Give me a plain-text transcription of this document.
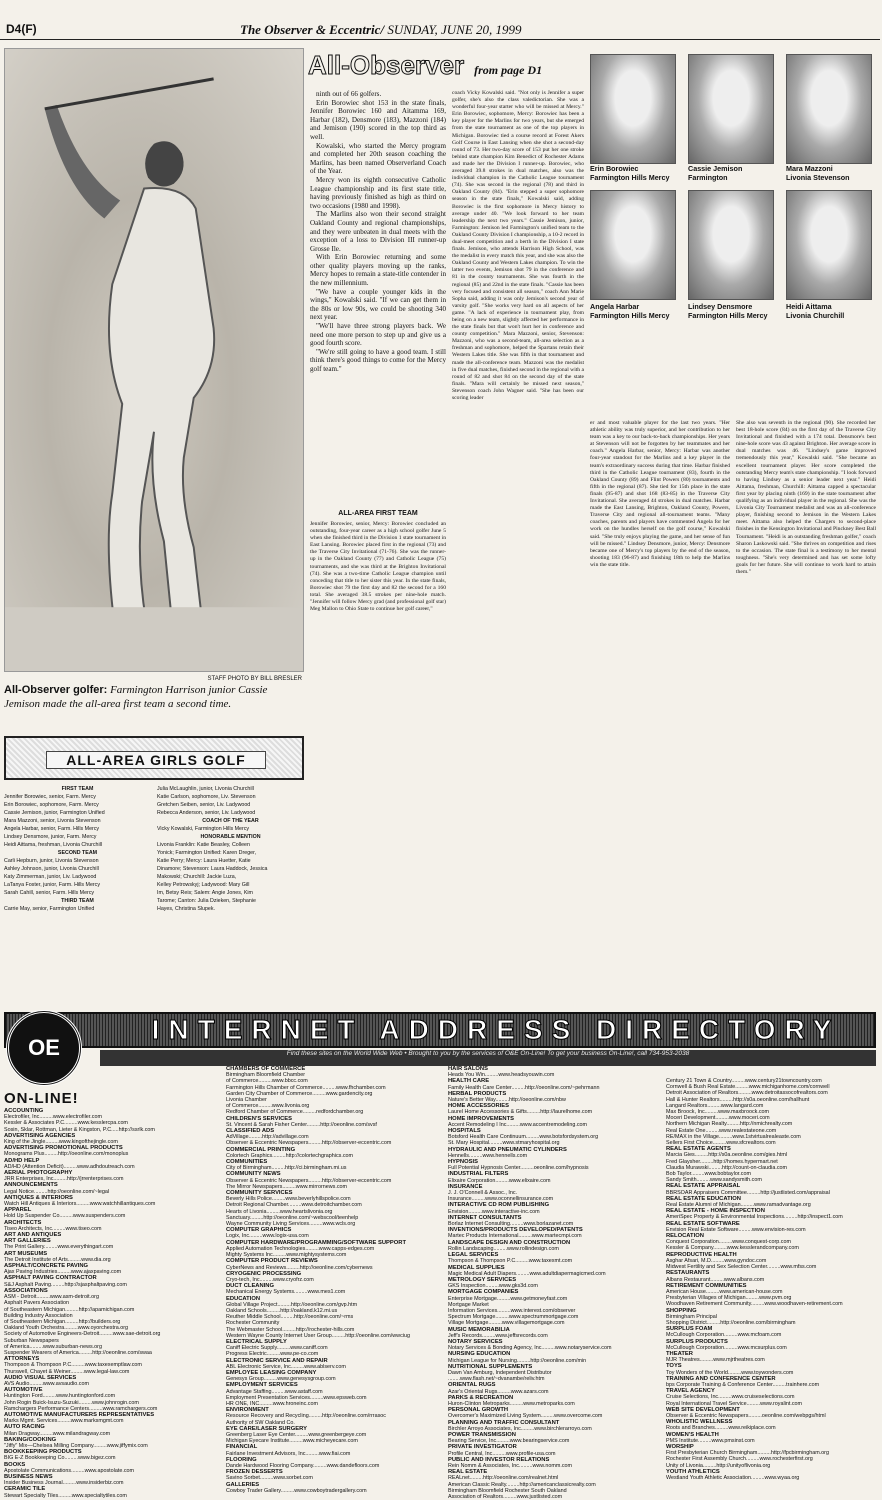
D4(F)	The Observer & Eccentric/ SUNDAY, JUNE 20, 1999
STAFF PHOTO BY BILL BRESLER
All-Observer golfer: Farmington Harrison junior Cassie Jemison made the all-area first team a second time.
ALL-AREA GIRLS GOLF
FIRST TEAM
Jennifer Borowiec, senior, Farm. Mercy
Erin Borowiec, sophomore, Farm. Mercy
Cassie Jemison, junior, Farmington Unified
Mara Mazzoni, senior, Livonia Stevenson
Angela Harbar, senior, Farm. Hills Mercy
Lindsey Densmore, junior, Farm. Mercy
Heidi Aittama, freshman, Livonia Churchill
SECOND TEAM
Carli Hepburn, junior, Livonia Stevenson
Ashley Johnson, junior, Livonia Churchill
Katy Zimmerman, junior, Liv. Ladywood
LaTanya Foster, junior, Farm. Hills Mercy
Sarah Cahill, senior, Farm. Hills Mercy
THIRD TEAM
Carrie May, senior, Farmington Unified
Julia McLaughlin, junior, Livonia Churchill
Katie Carlson, sophomore, Liv. Stevenson
Gretchen Seiben, senior, Liv. Ladywood
Rebecca Anderson, senior, Liv. Ladywood
COACH OF THE YEAR
Vicky Kowalski, Farmington Hills Mercy
HONORABLE MENTION
Livonia Franklin: Katie Beasley, Colleen
Yonick; Farmington Unified: Karen Dreger,
Katie Perry; Mercy: Laura Huetter, Katie
Dinamore; Stevenson: Laura Haddock, Jessica
Makowski; Churchill: Jackie Luza,
Kelley Petrowskyj; Ladywood: Mary Gill
Im, Betsy Reis; Salem: Angie Jones, Kim
Tarome; Canton: Julia Dzieken, Stephanie
Hayes, Christina Slupek.
All-Observer from page D1

ninth out of 66 golfers.

Erin Borowiec shot 153 in the state finals, Jennifer Borowiec 160 and Aitamma 169, Harbar (182), Densmore (183), Mazzoni (184) and Jemison (190) scored in the top third as well.

Kowalski, who started the Mercy program and completed her 20th season coaching the Marlins, has been named Observerland Coach of the Year.

Mercy won its eighth consecutive Catholic League championship and its first state title, having previously finished as high as third on two occasions (1980 and 1998).

The Marlins also won their second straight Oakland County and regional championships, and they were unbeaten in dual meets with the exception of a loss to Division III runner-up Grosse Ile.

With Erin Borowiec returning and some other quality players moving up the ranks, Mercy hopes to remain a state-title contender in the new millennium.

"We have a couple younger kids in the wings," Kowalski said. "If we can get them in the 80s or low 90s, we could be shooting 340 next year.

"We'll have three strong players back. We need one more person to step up and give us a good fourth score.

"We're still going to have a good team. I still think there's good things to come for the Mercy golf team."

ALL-AREA FIRST TEAM

Jennifer Borowiec, senior, Mercy: Borowiec concluded an outstanding, four-year career as a high school golfer June 5 when she finished third in the Division 1 state tournament in East Lansing. Borowiec placed first in the regional (73) and the Traverse City Invitational (71-76). She was the runner-up in the Oakland County (77) and Catholic League (75) tournaments, and she was third at the Brighton Invitational (74). She was a two-time Catholic League champion until conceding that title to her sister this year. In the state finals, Borowiec shot 79 the first day and 82 the second for a 160 total. She averaged 38.5 strokes per nine-hole match. "Jennifer will follow Mercy grad (and professional golf star) Meg Mallon to Ohio State to continue her golf career,"

coach Vicky Kowalski said. "Not only is Jennifer a super golfer, she's also the class valedictorian. She was a wonderful four-year starter who will be missed at Mercy." Erin Borowiec, sophomore, Mercy: Borowiec has been a key player for the Marlins for two years, but she emerged from the state tournament as one of the top players in Michigan. Borowiec tied a course record at Forest Akers Golf Course in East Lansing when she shot a second-day round of 73. Her two-day score of 153 put her one stroke behind state champion Kim Benedict of Rochester Adams and made her the Division I runner-up. Borowiec, who averaged 39.8 strokes in dual matches, also was the individual champion in the Catholic League tournament (74). She was second in the regional (78) and third in Oakland County (84). "Erin stepped a super sophomore season in the state finals," Kowalski said, adding Borowiec is the first sophomore in Mercy history to average under 40. "We look forward to her team leadership the next two years." Cassie Jemison, junior, Farmington: Jemison led Farmington's unified team to the Oakland County Division I championship, a 10-2 record in dual-meet competition and a berth in the Division I state finals. Jemison, who attends Harrison High School, was the medalist in every match this year, and she was also the Oakland County and Western Lakes champion. To win the latter two events, Jemison shot 79 in the conference and 81 in the county tournaments. She was fourth in the regional (85) and 22nd in the state finals. "Cassie has been very focused and consistent all season," coach Ann Marie Sopha said, adding it was only Jemison's second year of varsity golf. "She works very hard on all aspects of her game. "A lack of experience in tournament play, from being on a new team, slightly affected her performance in the state finals but that won't hurt her in conference and county competition." Mara Mazzoni, senior, Stevenson: Mazzoni, who was a second-team, all-area selection as a freshman and sophomore, helped the Spartans retain their Western Lakes title. She was fifth in that tournament and made the all-conference team. Mazzoni was the medalist in five dual matches, finished second in the regional with a round of 82 and shot 84 on the second day of the state finals. "Mara will certainly be missed next season," Stevenson coach John Wagner said. "She has been our scoring leader

er and most valuable player for the last two years. "Her athletic ability was truly superior, and her contribution to her team was a key to our back-to-back championships. Her years at Stevenson will not be forgotten by her teammates and her coach." Angela Harbar, senior, Mercy: Harbar was another four-year standout for the Marlins and a key player in the team's extraordinary success during that time. Harbar finished third in the Catholic League tournament (83), fourth in the Oakland County (89) and Flint Powers (80) tournaments and fifth in the regional (87). She tied for 15th place in the state finals (95-87) and shot 168 (83-85) in the Traverse City Invitational. She averaged 44 strokes in dual matches. Harbar made the East Lansing, Brighton, Oakland County, Powers, Traverse City and regional all-tournament teams. "Many coaches, parents and players have commented Angela for her work on the hundles herself on the golf course," Kowalski said. "She truly enjoys playing the game, and her sense of fun will be missed." Lindsey Densmore, junior, Mercy: Densmore became one of Mercy's top players by the end of the season, shooting 183 (96-87) and finishing 18th to help the Marlins win the state title.

She also was seventh in the regional (90). She recorded her best 18-hole score (84) on the first day of the Traverse City Invitational and finished with a 174 total. Densmore's best nine-hole score was 43 against Brighton. Her average score in dual matches was 46. "Lindsey's game improved tremendously this year," Kowalski said. "She became an excellent tournament player. Her score completed the outstanding Mercy team's state championship. "I look forward to having Lindsey as a senior leader next year." Heidi Aittama, freshman, Churchill: Aittama capped a spectacular first year by placing ninth (169) in the state tournament after qualifying as an individual player in the regional. She was the Livonia City Tournament medalist and was an all-conference player, finishing second to Jemison in the Western Lakes meet. Aittama also helped the Chargers to second-place finishes in the Kensington Invitational and Pinckney Best Ball Tournament. "Heidi is an outstanding freshman golfer," coach Sharon Laskowski said. "She thrives on competition and rises to the occasion. The state final is a testimony to her mental toughness. "She's very determined and has set some lofty goals for her future. She will continue to work hard to attain them."

Erin Borowiec
Farmington Hills Mercy
Cassie Jemison
Farmington
Mara Mazzoni
Livonia Stevenson
Angela Harbar
Farmington Hills Mercy
Lindsey Densmore
Farmington Hills Mercy
Heidi Aittama
Livonia Churchill
INTERNET ADDRESS DIRECTORY
Find these sites on the World Wide Web • Brought to you by the services of O&E On-Line! To get your business On-Line!, call 734-953-2038
OE
ON-LINE!
ACCOUNTING
Electrofiler, Inc.........www.electrofiler.com
Kessler & Associates P.C.........www.kesslercpa.com
Sosin, Sklar, Rottman, Lieter & Kingston, P.C.....http://ssrlk.com
ADVERTISING AGENCIES
King of the Jingle.........www.kingofthejingle.com
ADVERTISING PROMOTIONAL PRODUCTS
Monograms Plus.........http://oeonline.com/monoplus
AD/HD HELP
AD/HD (Attention Deficit).........www.adhdoutreach.com
AERIAL PHOTOGRAPHY
JRR Enterprises, Inc.........http://jrrenterprises.com
ANNOUNCEMENTS
Legal Notice.........http://oeonline.com/~legal
ANTIQUES & INTERIORS
Watch Hill Antiques & Interiors.........www.watchhillantiques.com
APPAREL
Hold Up Suspender Co.........www.suspenders.com
ARCHITECTS
Tiseo Architects, Inc.........www.tiseo.com
ART AND ANTIQUES
ART GALLERIES
The Print Gallery.........www.everythingart.com
ART MUSEUMS
The Detroit Institute of Arts.........www.dia.org
ASPHALT/CONCRETE PAVING
Ajax Paving Industries.........www.ajaxpaving.com
ASPHALT PAVING CONTRACTOR
S&J Asphalt Paving.........http://sjasphaltpaving.com
ASSOCIATIONS
ASM - Detroit.........www.asm-detroit.org
Asphalt Pavers Association
of Southeastern Michigan.........http://apamichigan.com
Building Industry Association
of Southeastern Michigan.........http://builders.org
Oakland Youth Orchestra.........www.oyorchestra.org
Society of Automotive Engineers-Detroit.........www.sae-detroit.org
Suburban Newspapers
of America.........www.suburban-news.org
Suspender Wearers of America.........http://oeonline.com/swaa
ATTORNEYS
Thompson & Thompson P.C.........www.taxexemptlaw.com
Thurswell, Chayet & Weiner.........www.legal-law.com
AUDIO VISUAL SERVICES
AVS Audio.........www.avsaudio.com
AUTOMOTIVE
Huntington Ford.........www.huntingtonford.com
John Rogin Buick-Isuzu-Suzuki.........www.johnrogin.com
Ramchargers Performance Centers.........www.ramchargers.com
AUTOMOTIVE MANUFACTURERS REPRESENTATIVES
Marks Mgmt. Services.........www.marksmgmt.com
AUTO RACING
Milan Dragway.........www.milandragway.com
BAKING/COOKING
"Jiffy" Mix—Chelsea Milling Company.........www.jiffymix.com
BOOKKEEPING PRODUCTS
BIG E-Z Bookkeeping Co.........www.bigez.com
BOOKS
Apostolate Communications.........www.apostolate.com
BUSINESS NEWS
Insider Business Journal.........www.insiderbiz.com
CERAMIC TILE
Stewart Specialty Tiles.........www.specialtytiles.com
CHAMBERS OF COMMERCE
Birmingham Bloomfield Chamber
of Commerce.........www.bbcc.com
Farmington Hills Chamber of Commerce.........www.fhchamber.com
Garden City Chamber of Commerce.........www.gardencity.org
Livonia Chamber
of Commerce.........www.livonia.org
Redford Chamber of Commerce.........redfordchamber.org
CHILDREN'S SERVICES
St. Vincent & Sarah Fisher Center.........http://oeonline.com/svsf
CLASSIFIED ADS
AdVillage.........http://advillage.com
Observer & Eccentric Newspapers.........http://observer-eccentric.com
COMMERCIAL PRINTING
Colortech Graphics.........http://colortechgraphics.com
COMMUNITIES
City of Birmingham.........http://ci.birmingham.mi.us
COMMUNITY NEWS
Observer & Eccentric Newspapers.........http://observer-eccentric.com
The Mirror Newspapers.........www.mirrornews.com
COMMUNITY SERVICES
Beverly Hills Police.........www.beverlyhillspolice.com
Detroit Regional Chamber.........www.detroitchamber.com
Hearts of Livonia.........www.heartslivonia.org
Sanctuary.........http://oeonline.com/~webscool/teenhelp
Wayne Community Living Services.........www.wcls.org
COMPUTER GRAPHICS
Logix, Inc.........www.logix-usa.com
COMPUTER HARDWARE/PROGRAMMING/SOFTWARE SUPPORT
Applied Automation Technologies.........www.capps-edges.com
Mighty Systems Inc.........www.mightysystems.com
COMPUTER PRODUCT REVIEWS
CyberNews and Reviews.........http://oeonline.com/cybernews
CRYOGENIC PROCESSING
Cryo-tech, Inc.........www.cryofrz.com
DUCT CLEANING
Mechanical Energy Systems.........www.mes1.com
EDUCATION
Global Village Project.........http://oeonline.com/gvp.htm
Oakland Schools.........http://oakland.k12.mi.us
Reuther Middle School.........http://oeonline.com/~rms
Rochester Community
The Webmaster School.........http://rochester-hills.com
Western Wayne County Internet User Group.........http://oeonline.com/wwciug
ELECTRICAL SUPPLY
Caniff Electric Supply.........www.caniff.com
Progress Electric.........www.pe-co.com
ELECTRONIC SERVICE AND REPAIR
ABL Electronic Service, Inc.........www.ablserv.com
EMPLOYEE LEASING COMPANY
Genesys Group.........www.genesysgroup.com
EMPLOYMENT SERVICES
Advantage Staffing.........www.astaff.com
Employment Presentation Services.........www.epsweb.com
HR ONE, INC.........www.hroneinc.com
ENVIRONMENT
Resource Recovery and Recycling.........http://oeonline.com/rrrasoc
Authority of SW Oakland Co.
EYE CARE/LASER SURGERY
Greenberg Laser Eye Center.........www.greenbergeye.com
Michigan Eyecare Institute.........www.micheyecare.com
FINANCIAL
Fairlane Investment Advisors, Inc.........www.fiai.com
FLOORING
Dande Hardwood Flooring Company.........www.dandefloors.com
FROZEN DESSERTS
Savino Sorbet.........www.sorbet.com
GALLERIES
Cowboy Trader Gallery.........www.cowboytradergallery.com
HAIR SALONS
Heads You Win.........www.headsyouwin.com
HEALTH CARE
Family Health Care Center.........http://oeonline.com/~pehrmann
HERBAL PRODUCTS
Nature's Better Way.........http://oeonline.com/nbw
HOME ACCESSORIES
Laurel Home Accessories & Gifts.........http://laurelhome.com
HOME IMPROVEMENTS
Accent Remodeling I Inc.........www.accentremodeling.com
HOSPITALS
Botsford Health Care Continuum.........www.botsfordsystem.org
St. Mary Hospital.........www.stmaryhospital.org
HYDRAULIC AND PNEUMATIC CYLINDERS
Hennells.........www.hennells.com
HYPNOSIS
Full Potential Hypnosis Center.........oeonline.com/hypnosis
INDUSTRIAL FILTERS
Elixaire Corporation.........www.elixaire.com
INSURANCE
J. J. O'Connell & Assoc., Inc.
Insurance.........www.oconnellinsurance.com
INTERACTIVE CD ROM PUBLISHING
Envision.........www.interactive-inc.com
INTERNET CONSULTANTS
Borlaz Internet Consulting.........www.borlazanet.com
INVENTIONS/PRODUCTS DEVELOPED/PATENTS
Martec Products International.........www.martecmpi.com
LANDSCAPE DESIGN AND CONSTRUCTION
Rollin Landscaping.........www.rollindesign.com
LEGAL SERVICES
Thompson & Thompson P.C.........www.taxexmt.com
MEDICAL SUPPLIES
Magic Medical Adult Diapers.........www.adultdiapermagicmed.com
METROLOGY SERVICES
GKS Inspection.........www.gks3d.com
MORTGAGE COMPANIES
Enterprise Mortgage.........www.getmoneyfast.com
Mortgage Market
Information Services.........www.interest.com/observer
Spectrum Mortgage.........www.spectrummortgage.com
Village Mortgage.........www.villagemortgage.com
MUSIC MEMORABILIA
Jeff's Records.........www.jeffsrecords.com
NOTARY SERVICES
Notary Services & Bonding Agency, Inc.........www.notaryservice.com
NURSING EDUCATION
Michigan League for Nursing.........http://oeonline.com/min
NUTRITIONAL SUPPLEMENTS
Dawn Van Amburg, Independent Distributor
........www.flash.net/~dvanambe/reliv.htm
ORIENTAL RUGS
Azar's Oriental Rugs.........www.azars.com
PARKS & RECREATION
Huron-Clinton Metroparks.........www.metroparks.com
PERSONAL GROWTH
Overcomer's Maximized Living System.........www.overcome.com
PLANNING AND TRAFFIC CONSULTANT
Birchler Arroyo Associates, Inc.........www.birchlerarroyo.com
POWER TRANSMISSION
Bearing Service, Inc.........www.bearingservice.com
PRIVATE INVESTIGATOR
Profile Central, Inc.........www.profile-usa.com
PUBLIC AND INVESTOR RELATIONS
Rein Nomm & Associates, Inc.........www.nomm.com
REAL ESTATE
REALnet.........http://oeonline.com/realnet.html
American Classic Realty.........http://americanclassicrealty.com
Birmingham Bloomfield Rochester South Oakland
Association of Realtors.........www.justlisted.com
Century 21 Town & Country.........www.century21towncountry.com
Cornwell & Bush Real Estate.........www.michiganhome.com/cornwell
Detroit Association of Realtors.........www.detroitassocofrealtors.com
Hall & Hunter Realtors.........http://s0a.oeonline.com/hallhunt
Langard Realtors.........www.langard.com
Max Broock, Inc.........www.maxbroock.com
Moceri Development.........www.moceri.com
Northern Michigan Realty.........http://nmichrealty.com
Real Estate One.........www.realestateone.com
RE/MAX in the Village.........www.1stvirtualrealeaste.com
Sellers First Choice.........www.sfcrealtors.com
REAL ESTATE AGENTS
Marcia Gies.........http://s0a.oeonline.com/gies.html
Fred Glaysher.........http://homes.hypermart.net
Claudia Murawski.........http://count-on-claudia.com
Bob Taylor.........www.bobtaylor.com
Sandy Smith.........www.sandysmith.com
REAL ESTATE APPRAISAL
BBRSOAR Appraisers Committee.........http://justlisted.com/appraisal
REAL ESTATE EDUCATION
Real Estate Alumni of Michigan.........www.ramadvantage.org
REAL ESTATE - HOME INSPECTION
AmeriSpec Property & Environmental Inspections.........http://inspect1.com
REAL ESTATE SOFTWARE
Envision Real Estate Software.........www.envision-res.com
RELOCATION
Conquest Corporation.........www.conquest-corp.com
Kessler & Company.........www.kesslerandcompany.com
REPRODUCTIVE HEALTH
Asghar Afsari, M.D.........www.gyndoc.com
Midwest Fertility and Sex Selection Center.........www.mfss.com
RESTAURANTS
Albans Restaurant.........www.albans.com
RETIREMENT COMMUNITIES
American House.........www.american-house.com
Presbyterian Villages of Michigan.........www.pvm.org
Woodhaven Retirement Community.........www.woodhaven-retirement.com
SHOPPING
Birmingham Principal
Shopping District.........http://oeonline.com/birmingham
SURPLUS FOAM
McCullough Corporation.........www.mcfoam.com
SURPLUS PRODUCTS
McCullough Corporation.........www.mcsurplus.com
THEATER
MJR Theatres.........www.mjrtheatres.com
TOYS
Toy Wonders of the World.........www.toywonders.com
TRAINING AND CONFERENCE CENTER
bps Corporate Training & Conference Center.........trainhere.com
TRAVEL AGENCY
Cruise Selections, Inc.........www.cruiseselections.com
Royal International Travel Service.........www.royalint.com
WEB SITE DEVELOPMENT
Observer & Eccentric Newspapers.........oeonline.com/webpgs/html
WHOLISTIC WELLNESS
Roots and Branches.........www.reikiplace.com
WOMEN'S HEALTH
PMS Institute.........www.pmsinst.com
WORSHIP
First Presbyterian Church Birmingham.........http://fpcbirmingham.org
Rochester First Assembly Church.........www.rochesterfirst.org
Unity of Livonia.........http://unityoflivonia.org
YOUTH ATHLETICS
Westland Youth Athletic Association.........www.wyaa.org
